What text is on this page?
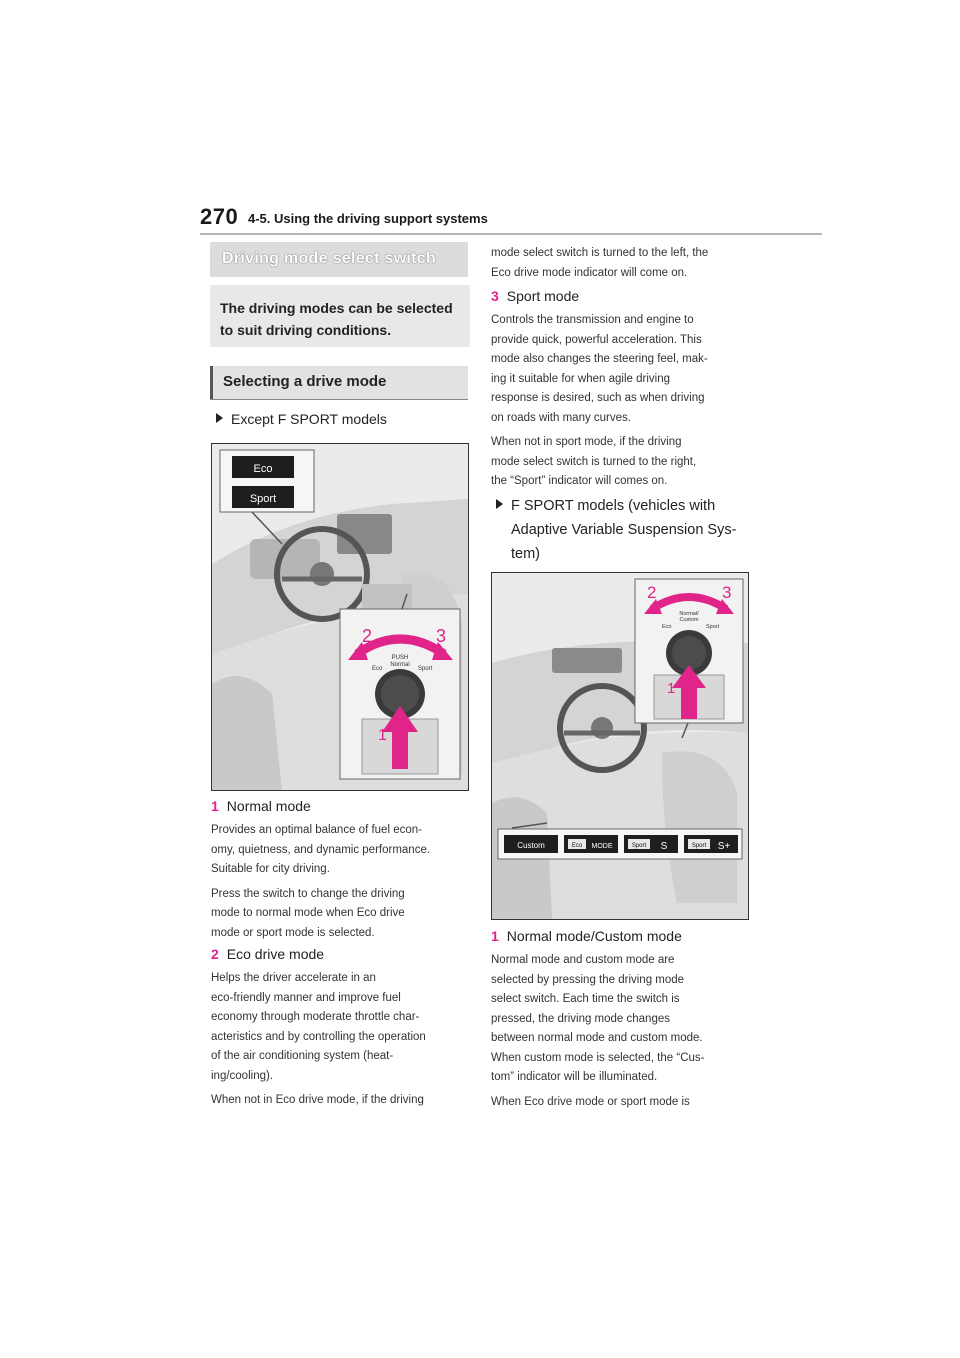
270 4-5. Using the driving support systems
Driving mode select switch
The driving modes can be selected to suit driving conditions.
Selecting a drive mode
Except F SPORT models
Eco
Sport
2	3
PUSH
Normal
Eco	Sport
1
1 Normal mode
Provides an optimal balance of fuel econ-
omy, quietness, and dynamic performance.
Suitable for city driving.
Press the switch to change the driving
mode to normal mode when Eco drive
mode or sport mode is selected.
2 Eco drive mode
Helps the driver accelerate in an
eco-friendly manner and improve fuel
economy through moderate throttle char-
acteristics and by controlling the operation
of the air conditioning system (heat-
ing/cooling).
When not in Eco drive mode, if the driving
mode select switch is turned to the left, the
Eco drive mode indicator will come on.
3 Sport mode
Controls the transmission and engine to
provide quick, powerful acceleration. This
mode also changes the steering feel, mak-
ing it suitable for when agile driving
response is desired, such as when driving
on roads with many curves.
When not in sport mode, if the driving
mode select switch is turned to the right,
the “Sport” indicator will comes on.
F SPORT models (vehicles with
Adaptive Variable Suspension Sys-
tem)
2	3
Normal/
Custom
Eco	Sport
1
Custom	Eco MODE	Sport S	Sport S+
1 Normal mode/Custom mode
Normal mode and custom mode are
selected by pressing the driving mode
select switch. Each time the switch is
pressed, the driving mode changes
between normal mode and custom mode.
When custom mode is selected, the “Cus-
tom” indicator will be illuminated.
When Eco drive mode or sport mode is
